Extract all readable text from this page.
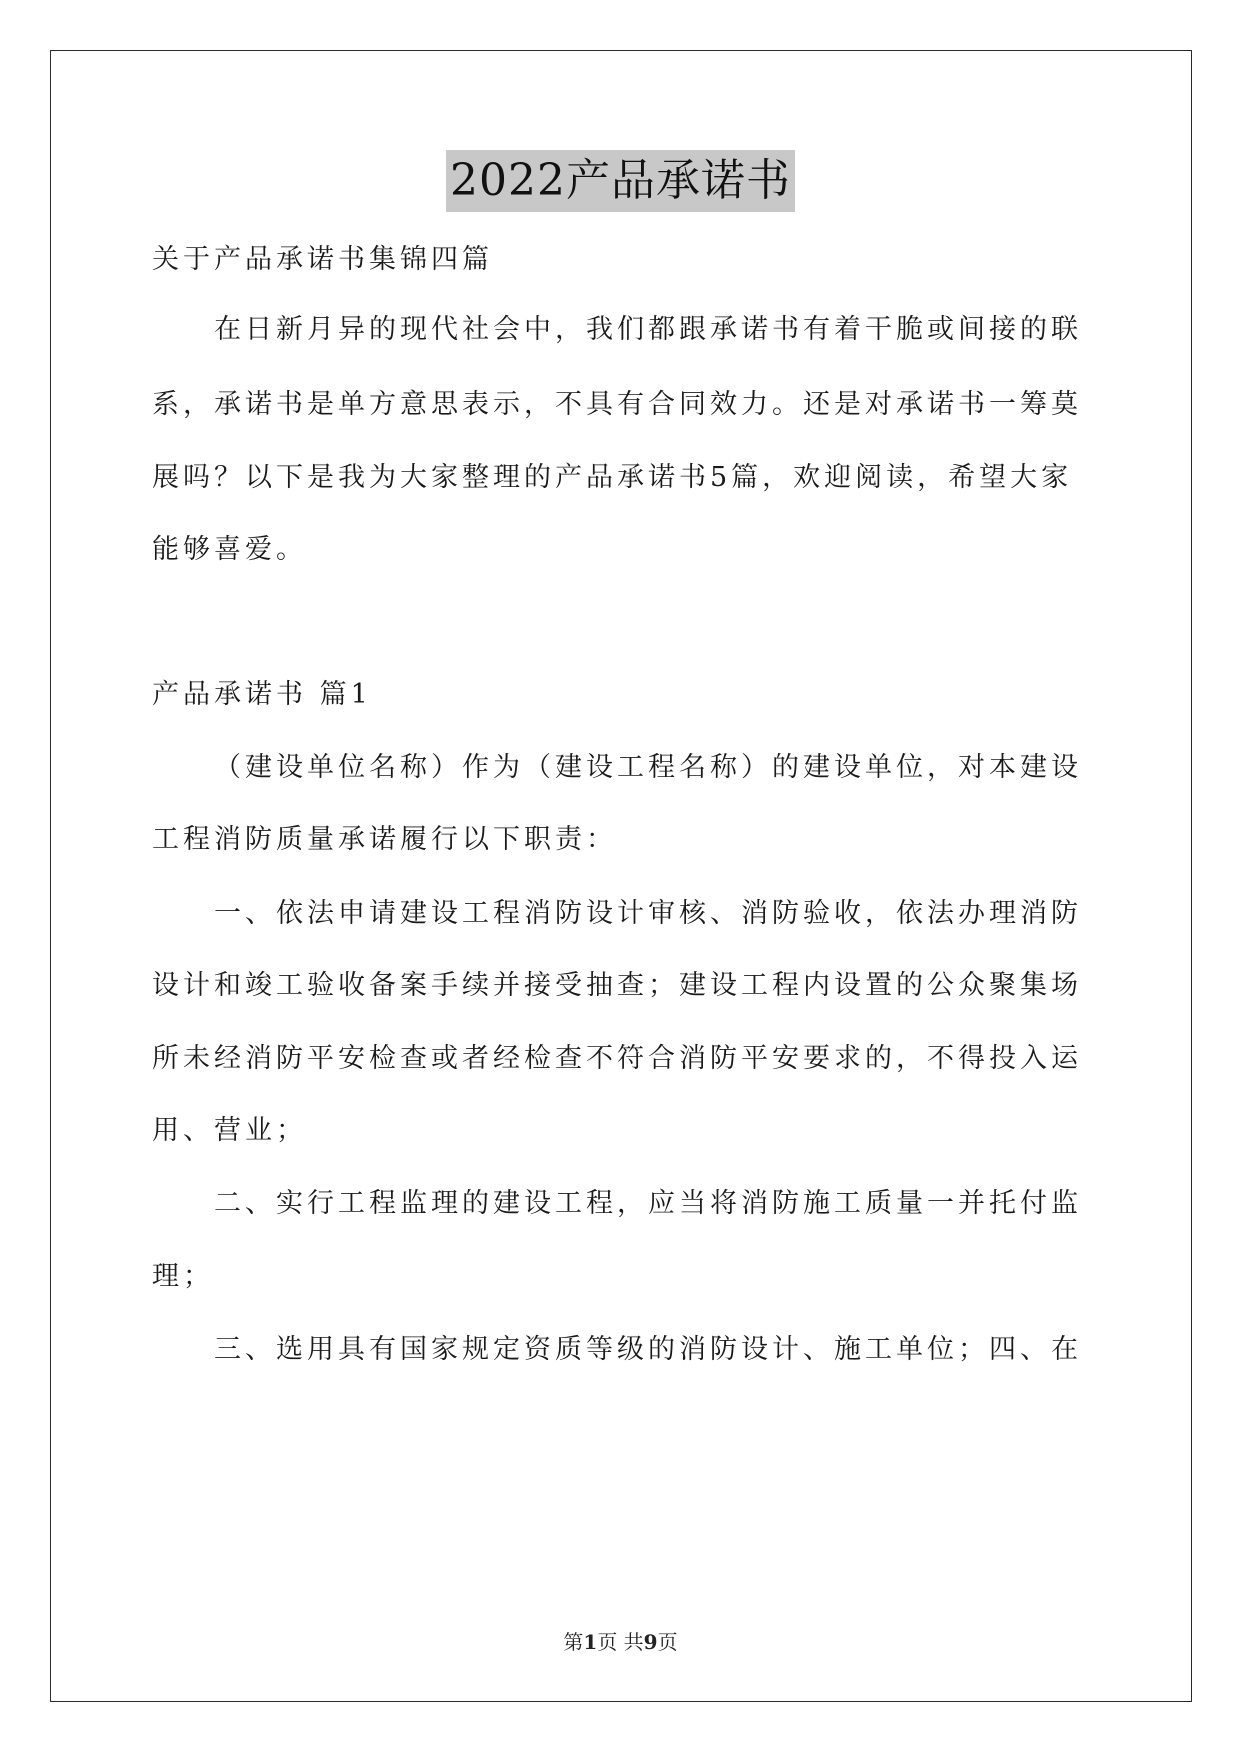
2022产品承诺书
关于产品承诺书集锦四篇
在日新月异的现代社会中，我们都跟承诺书有着干脆或间接的联
系，承诺书是单方意思表示，不具有合同效力。还是对承诺书一筹莫
展吗？以下是我为大家整理的产品承诺书5篇，欢迎阅读，希望大家
能够喜爱。
产品承诺书 篇1
（建设单位名称）作为（建设工程名称）的建设单位，对本建设
工程消防质量承诺履行以下职责：
一、依法申请建设工程消防设计审核、消防验收，依法办理消防
设计和竣工验收备案手续并接受抽查；建设工程内设置的公众聚集场
所未经消防平安检查或者经检查不符合消防平安要求的，不得投入运
用、营业；
二、实行工程监理的建设工程，应当将消防施工质量一并托付监
理；
三、选用具有国家规定资质等级的消防设计、施工单位；四、在
第1页 共9页
